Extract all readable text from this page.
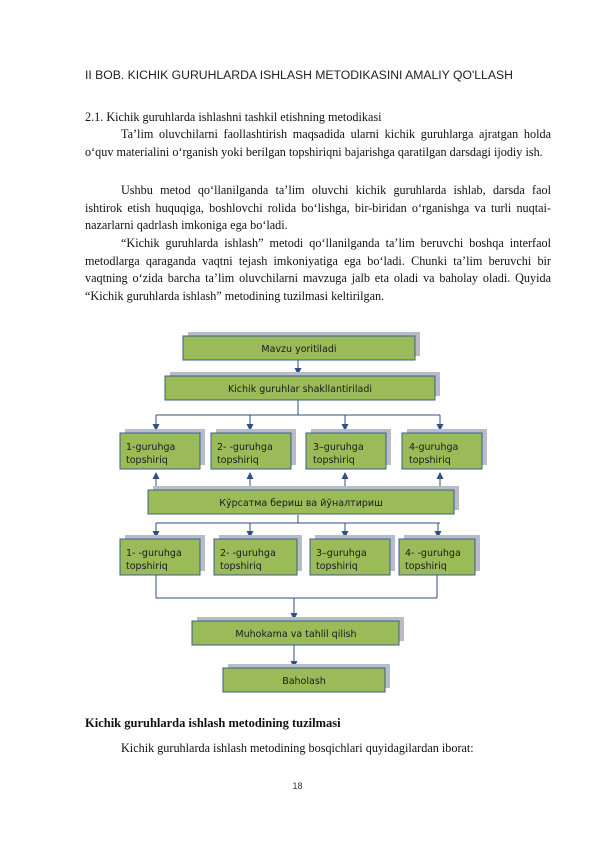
II BOB. KICHIK GURUHLARDA ISHLASH METODIKASINI AMALIY QO'LLASH
2.1. Kichik guruhlarda ishlashni tashkil etishning metodikasi
Ta’lim oluvchilarni faollashtirish maqsadida ularni kichik guruhlarga ajratgan holda o‘quv materialini o‘rganish yoki berilgan topshiriqni bajarishga qaratilgan darsdagi ijodiy ish.
Ushbu metod qo‘llanilganda ta’lim oluvchi kichik guruhlarda ishlab, darsda faol ishtirok etish huquqiga, boshlovchi rolida bo‘lishga, bir-biridan o‘rganishga va turli nuqtai-nazarlarni qadrlash imkoniga ega bo‘ladi.
“Kichik guruhlarda ishlash” metodi qo‘llanilganda ta’lim beruvchi boshqa interfaol metodlarga qaraganda vaqtni tejash imkoniyatiga ega bo‘ladi. Chunki ta’lim beruvchi bir vaqtning o‘zida barcha ta’lim oluvchilarni mavzuga jalb eta oladi va baholay oladi. Quyida “Kichik guruhlarda ishlash” metodining tuzilmasi keltirilgan.
Mavzu yoritiladi
Kichik guruhlar shakllantiriladi
1-guruhga
topshiriq
2- -guruhga
topshiriq
3–guruhga
topshiriq
4-guruhga
topshiriq
Кўрсатма бериш ва йўналтириш
1- -guruhga
topshiriq
2- -guruhga
topshiriq
3–guruhga
topshiriq
4- -guruhga
topshiriq
Muhokama va tahlil qilish
Baholash
Kichik guruhlarda ishlash metodining tuzilmasi
Kichik guruhlarda ishlash metodining bosqichlari quyidagilardan iborat:
18
